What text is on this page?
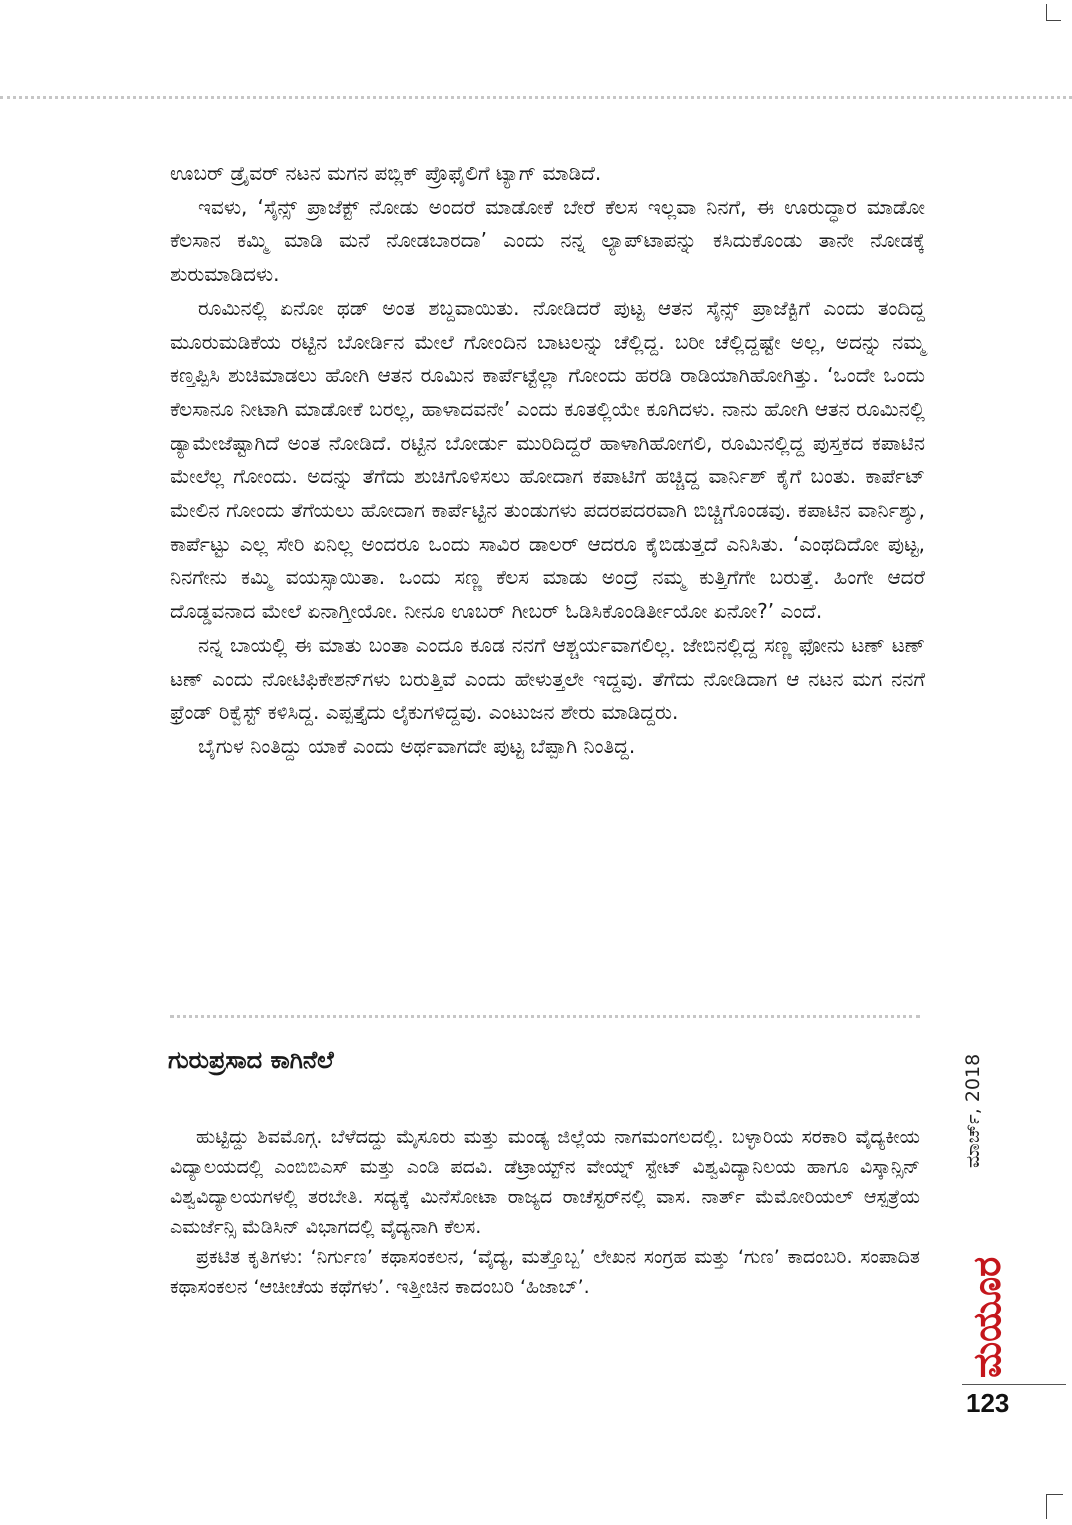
ಊಬರ್ ಡ್ರೈವರ್ ನಟನ ಮಗನ ಪಬ್ಲಿಕ್ ಪ್ರೊಫೈಲಿಗೆ ಟ್ಯಾಗ್ ಮಾಡಿದೆ.

ಇವಳು, ‘ಸೈನ್ಸ್ ಪ್ರಾಜೆಕ್ಟ್ ನೋಡು ಅಂದರೆ ಮಾಡೋಕೆ ಬೇರೆ ಕೆಲಸ ಇಲ್ಲವಾ ನಿನಗೆ, ಈ ಊರುದ್ಧಾರ ಮಾಡೋ ಕೆಲಸಾನ ಕಮ್ಮಿ ಮಾಡಿ ಮನೆ ನೋಡಬಾರದಾ’ ಎಂದು ನನ್ನ ಲ್ಯಾಪ್‌ಟಾಪನ್ನು ಕಸಿದುಕೊಂಡು ತಾನೇ ನೋಡಕ್ಕೆ ಶುರುಮಾಡಿದಳು.

ರೂಮಿನಲ್ಲಿ ಏನೋ ಥಡ್ ಅಂತ ಶಬ್ದವಾಯಿತು. ನೋಡಿದರೆ ಪುಟ್ಟ ಆತನ ಸೈನ್ಸ್ ಪ್ರಾಜೆಕ್ಟಿಗೆ ಎಂದು ತಂದಿದ್ದ ಮೂರುಮಡಿಕೆಯ ರಟ್ಟಿನ ಬೋರ್ಡಿನ ಮೇಲೆ ಗೋಂದಿನ ಬಾಟಲನ್ನು ಚೆಲ್ಲಿದ್ದ. ಬರೀ ಚೆಲ್ಲಿದ್ದಷ್ಟೇ ಅಲ್ಲ, ಅದನ್ನು ನಮ್ಮ ಕಣ್ತಪ್ಪಿಸಿ ಶುಚಿಮಾಡಲು ಹೋಗಿ ಆತನ ರೂಮಿನ ಕಾರ್ಪೆಟ್ಟೆಲ್ಲಾ ಗೋಂದು ಹರಡಿ ರಾಡಿಯಾಗಿಹೋಗಿತ್ತು. ‘ಒಂದೇ ಒಂದು ಕೆಲಸಾನೂ ನೀಟಾಗಿ ಮಾಡೋಕೆ ಬರಲ್ಲ, ಹಾಳಾದವನೇ’ ಎಂದು ಕೂತಲ್ಲಿಯೇ ಕೂಗಿದಳು. ನಾನು ಹೋಗಿ ಆತನ ರೂಮಿನಲ್ಲಿ ಡ್ಯಾಮೇಜೆಷ್ಟಾಗಿದೆ ಅಂತ ನೋಡಿದೆ. ರಟ್ಟಿನ ಬೋರ್ಡು ಮುರಿದಿದ್ದರೆ ಹಾಳಾಗಿಹೋಗಲಿ, ರೂಮಿನಲ್ಲಿದ್ದ ಪುಸ್ತಕದ ಕಪಾಟಿನ ಮೇಲೆಲ್ಲ ಗೋಂದು. ಅದನ್ನು ತೆಗೆದು ಶುಚಿಗೊಳಿಸಲು ಹೋದಾಗ ಕಪಾಟಿಗೆ ಹಚ್ಚಿದ್ದ ವಾರ್ನಿಶ್ ಕೈಗೆ ಬಂತು. ಕಾರ್ಪೆಟ್ ಮೇಲಿನ ಗೋಂದು ತೆಗೆಯಲು ಹೋದಾಗ ಕಾರ್ಪೆಟ್ಟಿನ ತುಂಡುಗಳು ಪದರಪದರವಾಗಿ ಬಿಚ್ಚಿಗೊಂಡವು. ಕಪಾಟಿನ ವಾರ್ನಿಶ್ಶು, ಕಾರ್ಪೆಟ್ಟು ಎಲ್ಲ ಸೇರಿ ಏನಿಲ್ಲ ಅಂದರೂ ಒಂದು ಸಾವಿರ ಡಾಲರ್ ಆದರೂ ಕೈಬಿಡುತ್ತದೆ ಎನಿಸಿತು. ‘ಎಂಥದಿದೋ ಪುಟ್ಟ, ನಿನಗೇನು ಕಮ್ಮಿ ವಯಸ್ಸಾಯಿತಾ. ಒಂದು ಸಣ್ಣ ಕೆಲಸ ಮಾಡು ಅಂದ್ರೆ ನಮ್ಮ ಕುತ್ತಿಗೆಗೇ ಬರುತ್ತೆ. ಹಿಂಗೇ ಆದರೆ ದೊಡ್ಡವನಾದ ಮೇಲೆ ಏನಾಗ್ತೀಯೋ. ನೀನೂ ಊಬರ್ ಗೀಬರ್ ಓಡಿಸಿಕೊಂಡಿರ್ತೀಯೋ ಏನೋ?’ ಎಂದೆ.

ನನ್ನ ಬಾಯಲ್ಲಿ ಈ ಮಾತು ಬಂತಾ ಎಂದೂ ಕೂಡ ನನಗೆ ಆಶ್ಚರ್ಯವಾಗಲಿಲ್ಲ. ಜೇಬಿನಲ್ಲಿದ್ದ ಸಣ್ಣ ಫೋನು ಟಣ್ ಟಣ್ ಟಣ್ ಎಂದು ನೋಟಿಫಿಕೇಶನ್‌ಗಳು ಬರುತ್ತಿವೆ ಎಂದು ಹೇಳುತ್ತಲೇ ಇದ್ದವು. ತೆಗೆದು ನೋಡಿದಾಗ ಆ ನಟನ ಮಗ ನನಗೆ ಫ್ರೆಂಡ್ ರಿಕ್ವೆಸ್ಟ್ ಕಳಿಸಿದ್ದ. ಎಪ್ಪತ್ತೈದು ಲೈಕುಗಳಿದ್ದವು. ಎಂಟುಜನ ಶೇರು ಮಾಡಿದ್ದರು.

ಬೈಗುಳ ನಿಂತಿದ್ದು ಯಾಕೆ ಎಂದು ಅರ್ಥವಾಗದೇ ಪುಟ್ಟ ಬೆಪ್ಪಾಗಿ ನಿಂತಿದ್ದ.

ಗುರುಪ್ರಸಾದ ಕಾಗಿನೆಲೆ

ಹುಟ್ಟಿದ್ದು ಶಿವಮೊಗ್ಗ. ಬೆಳೆದದ್ದು ಮೈಸೂರು ಮತ್ತು ಮಂಡ್ಯ ಜಿಲ್ಲೆಯ ನಾಗಮಂಗಲದಲ್ಲಿ. ಬಳ್ಳಾರಿಯ ಸರಕಾರಿ ವೈದ್ಯಕೀಯ ವಿದ್ಯಾಲಯದಲ್ಲಿ ಎಂಬಿಬಿಎಸ್ ಮತ್ತು ಎಂಡಿ ಪದವಿ. ಡೆಟ್ರಾಯ್ಟ್‌ನ ವೇಯ್ನ್ ಸ್ಟೇಟ್ ವಿಶ್ವವಿದ್ಯಾನಿಲಯ ಹಾಗೂ ವಿಸ್ಕಾನ್ಸಿನ್ ವಿಶ್ವವಿದ್ಯಾಲಯಗಳಲ್ಲಿ ತರಬೇತಿ. ಸದ್ಯಕ್ಕೆ ಮಿನೆಸೋಟಾ ರಾಜ್ಯದ ರಾಚೆಸ್ಟರ್‌ನಲ್ಲಿ ವಾಸ. ನಾರ್ತ್ ಮೆಮೋರಿಯಲ್ ಆಸ್ಪತ್ರೆಯ ಎಮರ್ಜೆನ್ಸಿ ಮೆಡಿಸಿನ್ ವಿಭಾಗದಲ್ಲಿ ವೈದ್ಯನಾಗಿ ಕೆಲಸ.

ಪ್ರಕಟಿತ ಕೃತಿಗಳು: ‘ನಿರ್ಗುಣ’ ಕಥಾಸಂಕಲನ, ‘ವೈದ್ಯ, ಮತ್ತೊಬ್ಬ’ ಲೇಖನ ಸಂಗ್ರಹ ಮತ್ತು ‘ಗುಣ’ ಕಾದಂಬರಿ. ಸಂಪಾದಿತ ಕಥಾಸಂಕಲನ ‘ಆಚೀಚೆಯ ಕಥೆಗಳು’. ಇತ್ತೀಚಿನ ಕಾದಂಬರಿ ‘ಹಿಜಾಬ್’.

ಮಾರ್ಚ್, 2018
ಮಯೂರ
123
